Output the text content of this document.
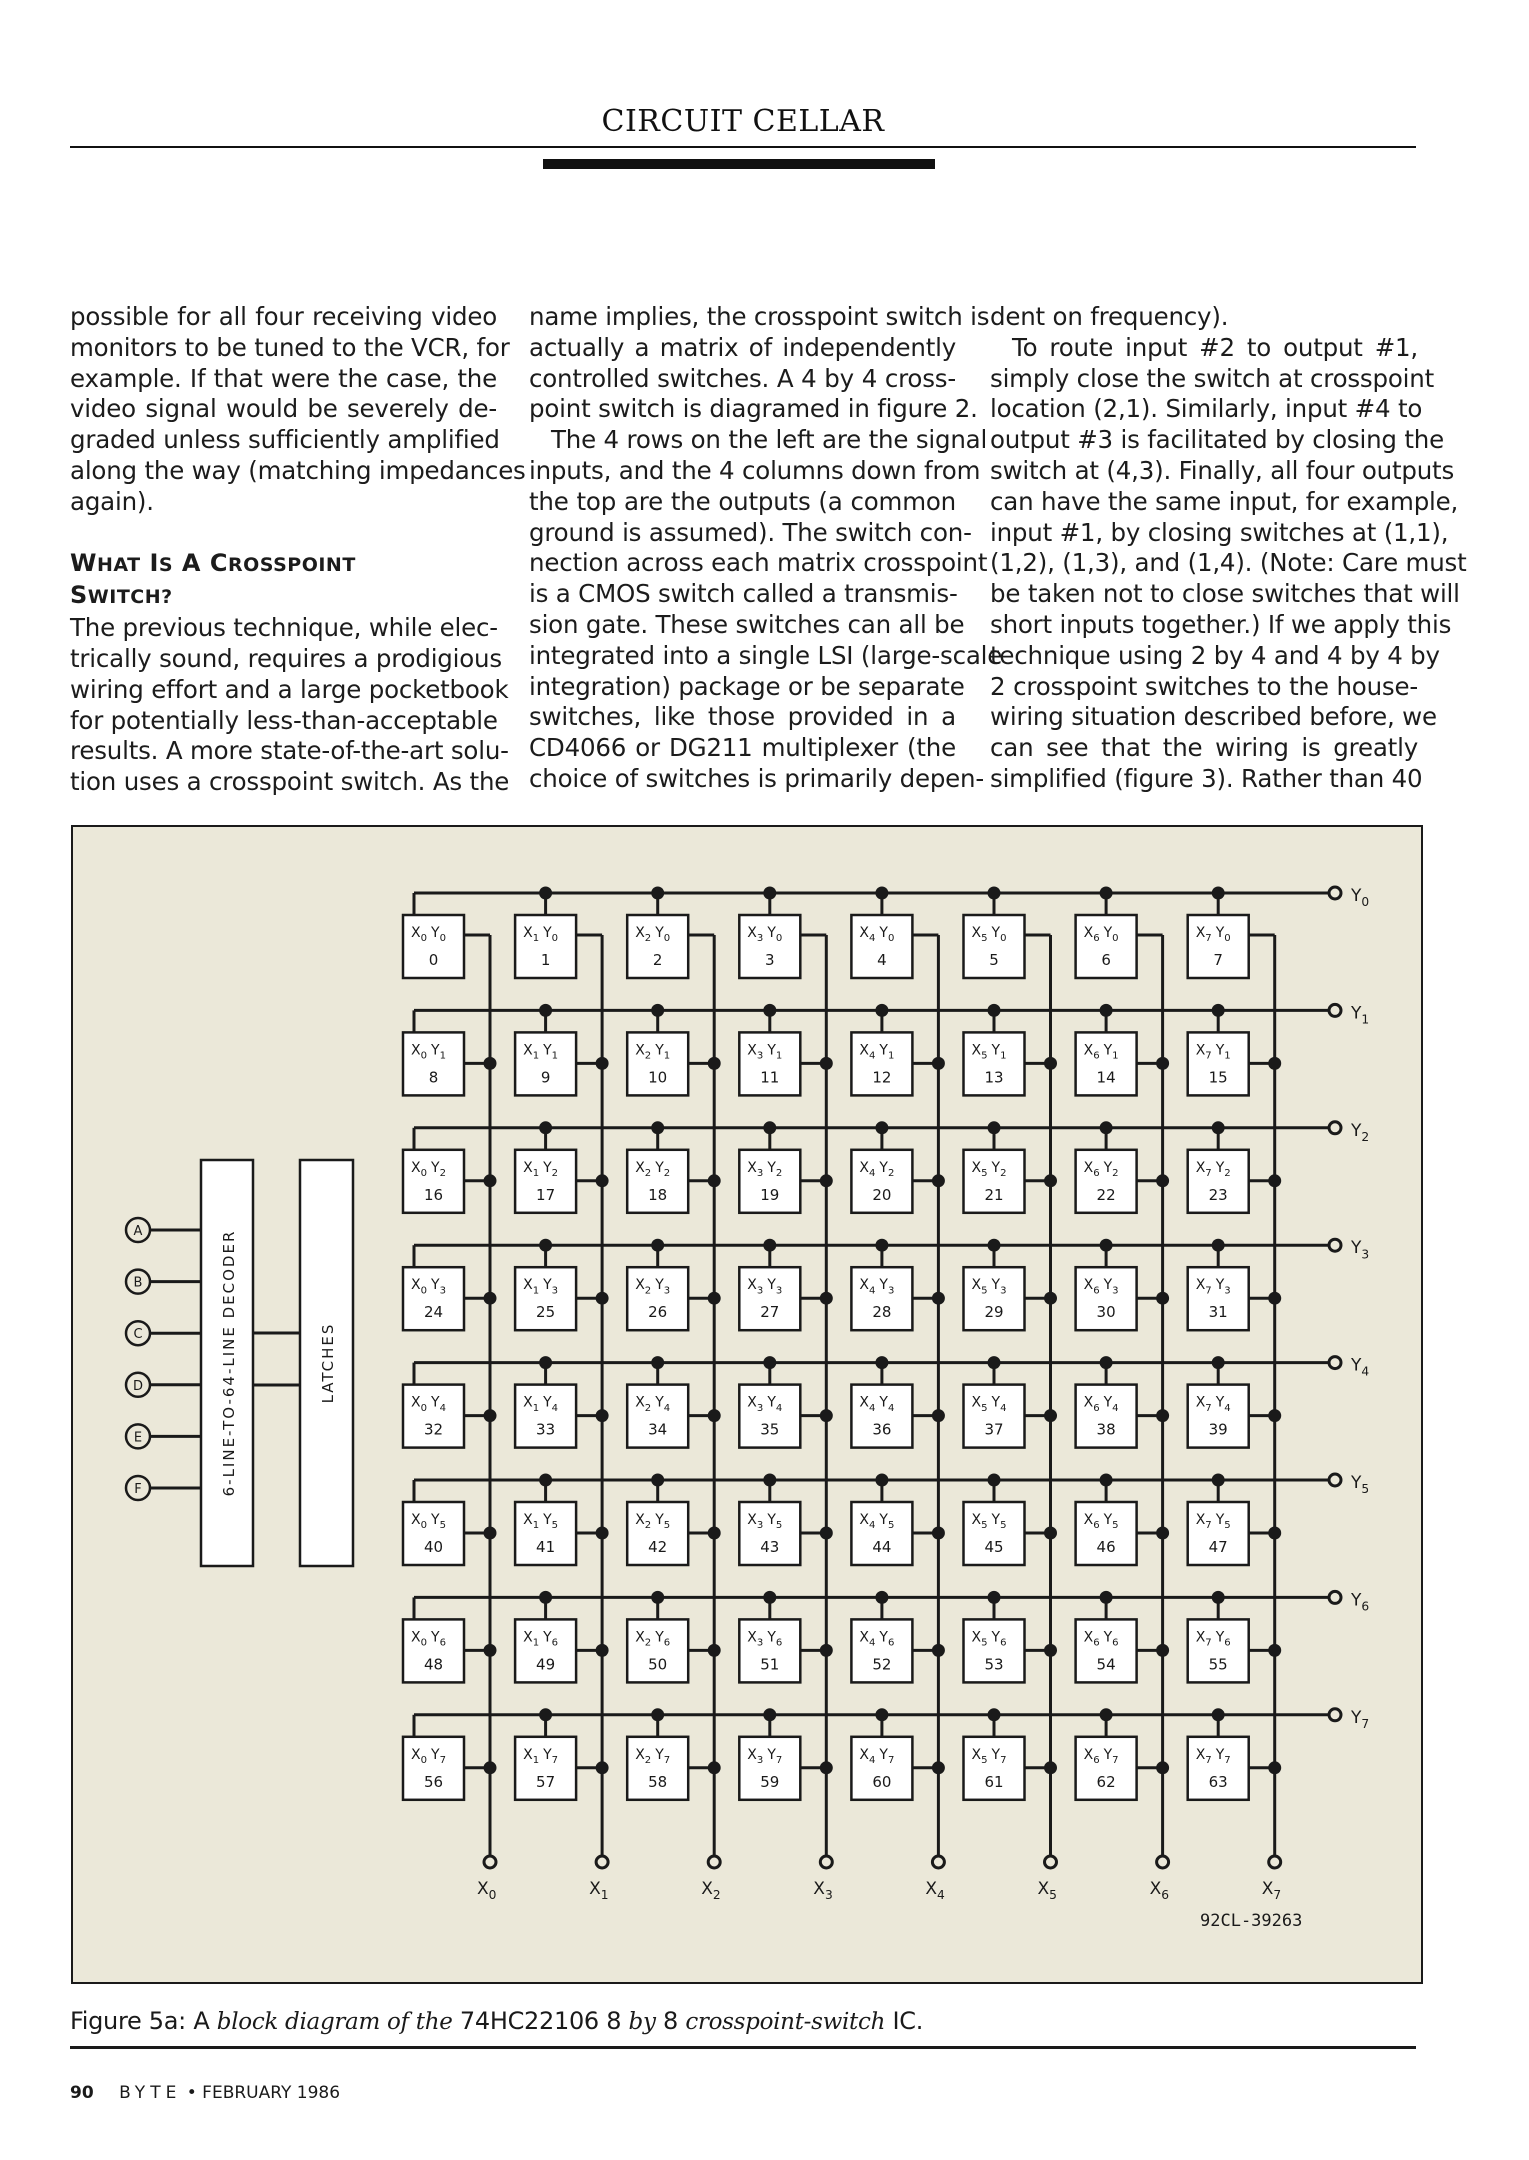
CIRCUIT CELLAR
possible for all four receiving video
monitors to be tuned to the VCR, for
example. If that were the case, the
video signal would be severely de-
graded unless sufficiently amplified
along the way (matching impedances
again).
WHAT IS A CROSSPOINT
SWITCH?
The previous technique, while elec-
trically sound, requires a prodigious
wiring effort and a large pocketbook
for potentially less-than-acceptable
results. A more state-of-the-art solu-
tion uses a crosspoint switch. As the
name implies, the crosspoint switch is
actually a matrix of independently
controlled switches. A 4 by 4 cross-
point switch is diagramed in figure 2.
The 4 rows on the left are the signal
inputs, and the 4 columns down from
the top are the outputs (a common
ground is assumed). The switch con-
nection across each matrix crosspoint
is a CMOS switch called a transmis-
sion gate. These switches can all be
integrated into a single LSI (large-scale
integration) package or be separate
switches, like those provided in a
CD4066 or DG211 multiplexer (the
choice of switches is primarily depen-
dent on frequency).
To route input #2 to output #1,
simply close the switch at crosspoint
location (2,1). Similarly, input #4 to
output #3 is facilitated by closing the
switch at (4,3). Finally, all four outputs
can have the same input, for example,
input #1, by closing switches at (1,1),
(1,2), (1,3), and (1,4). (Note: Care must
be taken not to close switches that will
short inputs together.) If we apply this
technique using 2 by 4 and 4 by 4 by
2 crosspoint switches to the house-
wiring situation described before, we
can see that the wiring is greatly
simplified (figure 3). Rather than 40
$Y_0$
$Y_1$
$Y_2$
$Y_3$
$Y_4$
$Y_5$
$Y_6$
$Y_7$
$X_0$	$X_1$	$X_2$	$X_3$	$X_4$	$X_5$	$X_6$	$X_7$
$X_0$ $Y_0$
0
$X_1$ $Y_0$
1
$X_2$ $Y_0$
2
$X_3$ $Y_0$
3
$X_4$ $Y_0$
4
$X_5$ $Y_0$
5
$X_6$ $Y_0$
6
$X_7$ $Y_0$
7
$X_0$ $Y_1$
8
$X_1$ $Y_1$
9
$X_2$ $Y_1$
10
$X_3$ $Y_1$
11
$X_4$ $Y_1$
12
$X_5$ $Y_1$
13
$X_6$ $Y_1$
14
$X_7$ $Y_1$
15
$X_0$ $Y_2$
16
$X_1$ $Y_2$
17
$X_2$ $Y_2$
18
$X_3$ $Y_2$
19
$X_4$ $Y_2$
20
$X_5$ $Y_2$
21
$X_6$ $Y_2$
22
$X_7$ $Y_2$
23
$X_0$ $Y_3$
24
$X_1$ $Y_3$
25
$X_2$ $Y_3$
26
$X_3$ $Y_3$
27
$X_4$ $Y_3$
28
$X_5$ $Y_3$
29
$X_6$ $Y_3$
30
$X_7$ $Y_3$
31
$X_0$ $Y_4$
32
$X_1$ $Y_4$
33
$X_2$ $Y_4$
34
$X_3$ $Y_4$
35
$X_4$ $Y_4$
36
$X_5$ $Y_4$
37
$X_6$ $Y_4$
38
$X_7$ $Y_4$
39
$X_0$ $Y_5$
40
$X_1$ $Y_5$
41
$X_2$ $Y_5$
42
$X_3$ $Y_5$
43
$X_4$ $Y_5$
44
$X_5$ $Y_5$
45
$X_6$ $Y_5$
46
$X_7$ $Y_5$
47
$X_0$ $Y_6$
48
$X_1$ $Y_6$
49
$X_2$ $Y_6$
50
$X_3$ $Y_6$
51
$X_4$ $Y_6$
52
$X_5$ $Y_6$
53
$X_6$ $Y_6$
54
$X_7$ $Y_6$
55
$X_0$ $Y_7$
56
$X_1$ $Y_7$
57
$X_2$ $Y_7$
58
$X_3$ $Y_7$
59
$X_4$ $Y_7$
60
$X_5$ $Y_7$
61
$X_6$ $Y_7$
62
$X_7$ $Y_7$
63
6-LINE-TO-64-LINE DECODER	LATCHES
A
B
C
D
E
F
92CL-39263
Figure 5a: A block diagram of the 74HC22106 8 by 8 crosspoint-switch IC.
90 BYTE • FEBRUARY 1986
